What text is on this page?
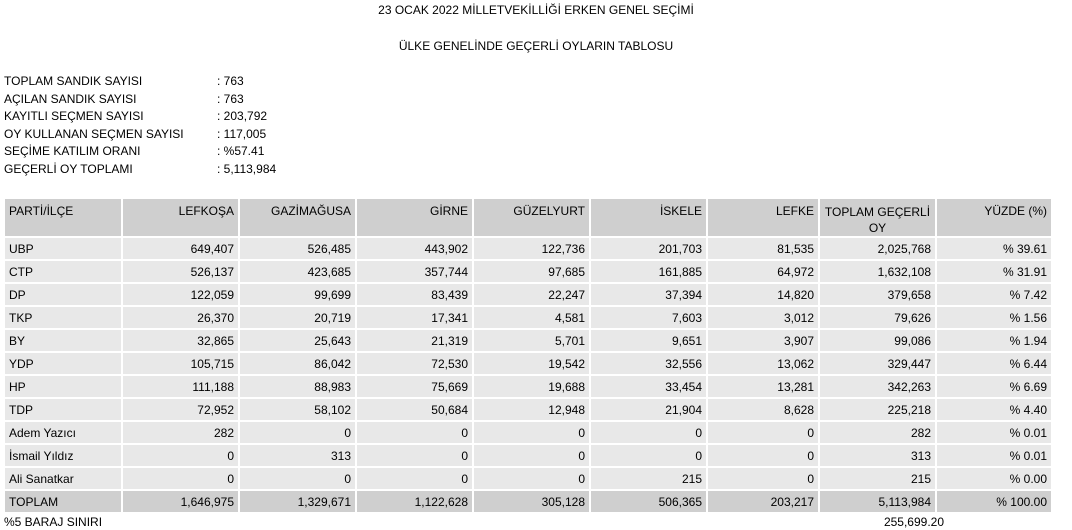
23 OCAK 2022 MİLLETVEKİLLİĞİ ERKEN GENEL SEÇİMİ
ÜLKE GENELİNDE GEÇERLİ OYLARIN TABLOSU
TOPLAM SANDIK SAYISI	: 763
AÇILAN SANDIK SAYISI	: 763
KAYITLI SEÇMEN SAYISI	: 203,792
OY KULLANAN SEÇMEN SAYISI	: 117,005
SEÇİME KATILIM ORANI	: %57.41
GEÇERLİ OY TOPLAMI	: 5,113,984
PARTİ/İLÇE	LEFKOŞA	GAZİMAĞUSA	GİRNE	GÜZELYURT	İSKELE	LEFKE	TOPLAM GEÇERLİ OY	YÜZDE (%)
UBP	649,407	526,485	443,902	122,736	201,703	81,535	2,025,768	% 39.61
CTP	526,137	423,685	357,744	97,685	161,885	64,972	1,632,108	% 31.91
DP	122,059	99,699	83,439	22,247	37,394	14,820	379,658	% 7.42
TKP	26,370	20,719	17,341	4,581	7,603	3,012	79,626	% 1.56
BY	32,865	25,643	21,319	5,701	9,651	3,907	99,086	% 1.94
YDP	105,715	86,042	72,530	19,542	32,556	13,062	329,447	% 6.44
HP	111,188	88,983	75,669	19,688	33,454	13,281	342,263	% 6.69
TDP	72,952	58,102	50,684	12,948	21,904	8,628	225,218	% 4.40
Adem Yazıcı	282	0	0	0	0	0	282	% 0.01
İsmail Yıldız	0	313	0	0	0	0	313	% 0.01
Ali Sanatkar	0	0	0	0	215	0	215	% 0.00
TOPLAM	1,646,975	1,329,671	1,122,628	305,128	506,365	203,217	5,113,984	% 100.00
%5 BARAJ SINIRI	255,699.20
